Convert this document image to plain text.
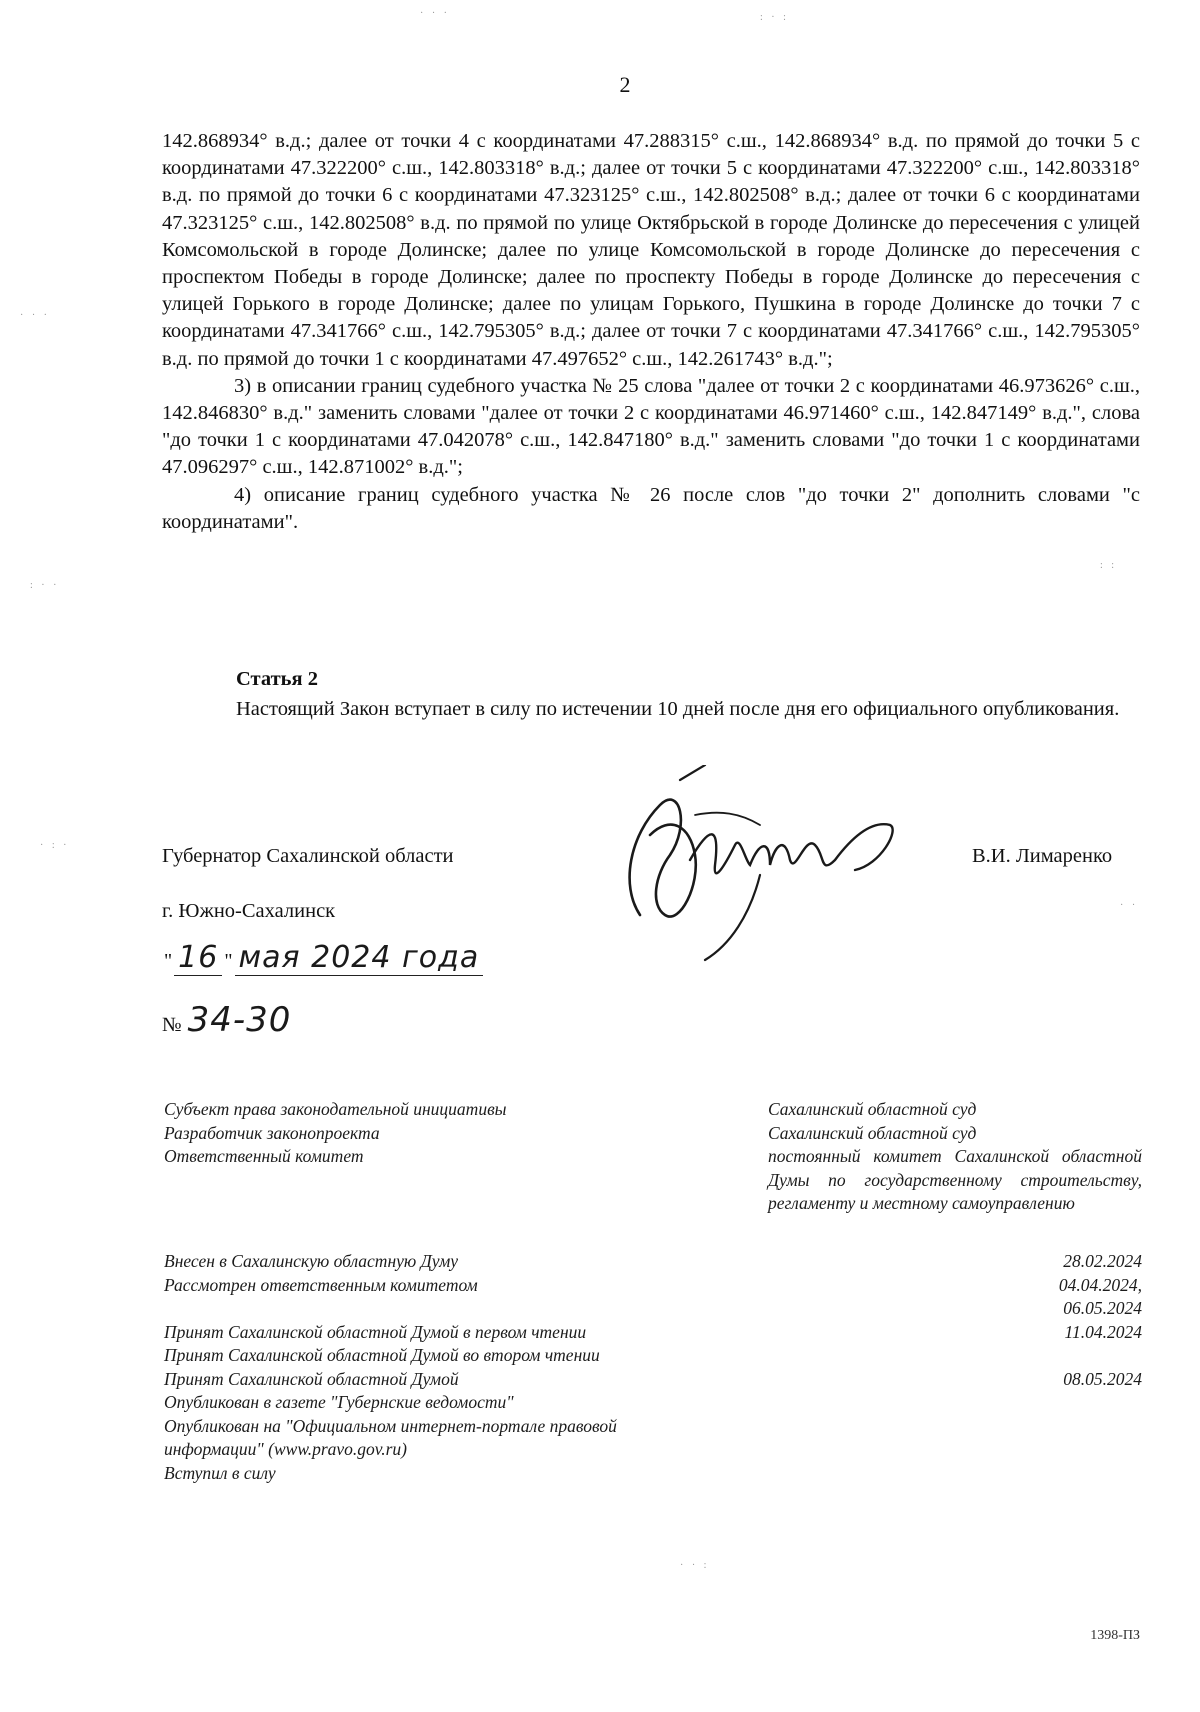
2

142.868934° в.д.; далее от точки 4 с координатами 47.288315° с.ш., 142.868934° в.д. по прямой до точки 5 с координатами 47.322200° с.ш., 142.803318° в.д.; далее от точки 5 с координатами 47.322200° с.ш., 142.803318° в.д. по прямой до точки 6 с координатами 47.323125° с.ш., 142.802508° в.д.; далее от точки 6 с координатами 47.323125° с.ш., 142.802508° в.д. по прямой по улице Октябрьской в городе Долинске до пересечения с улицей Комсомольской в городе Долинске; далее по улице Комсомольской в городе Долинске до пересечения с проспектом Победы в городе Долинске; далее по проспекту Победы в городе Долинске до пересечения с улицей Горького в городе Долинске; далее по улицам Горького, Пушкина в городе Долинске до точки 7 с координатами 47.341766° с.ш., 142.795305° в.д.; далее от точки 7 с координатами 47.341766° с.ш., 142.795305° в.д. по прямой до точки 1 с координатами 47.497652° с.ш., 142.261743° в.д.";

3) в описании границ судебного участка № 25 слова "далее от точки 2 с координатами 46.973626° с.ш., 142.846830° в.д." заменить словами "далее от точки 2 с координатами 46.971460° с.ш., 142.847149° в.д.", слова "до точки 1 с координатами 47.042078° с.ш., 142.847180° в.д." заменить словами "до точки 1 с координатами 47.096297° с.ш., 142.871002° в.д.";

4) описание границ судебного участка № 26 после слов "до точки 2" дополнить словами "с координатами".

Статья 2

Настоящий Закон вступает в силу по истечении 10 дней после дня его официального опубликования.

Губернатор Сахалинской области	В.И. Лимаренко
г. Южно-Сахалинск
" 16 " мая 2024 года
№ 34-30
Субъект права законодательной инициативы
Разработчик законопроекта
Ответственный комитет
Сахалинский областной суд
Сахалинский областной суд
постоянный комитет Сахалинской областной Думы по государственному строительству, регламенту и местному самоуправлению
Внесен в Сахалинскую областную Думу
Рассмотрен ответственным комитетом

Принят Сахалинской областной Думой в первом чтении
Принят Сахалинской областной Думой во втором чтении
Принят Сахалинской областной Думой
Опубликован в газете "Губернские ведомости"
Опубликован на "Официальном интернет-портале правовой
информации" (www.pravo.gov.ru)
Вступил в силу
28.02.2024
04.04.2024,
06.05.2024
11.04.2024

08.05.2024
1398-ПЗ
· · ·	: · :
· · ·
: · ·
· : ·
: :
· ·
· · :
